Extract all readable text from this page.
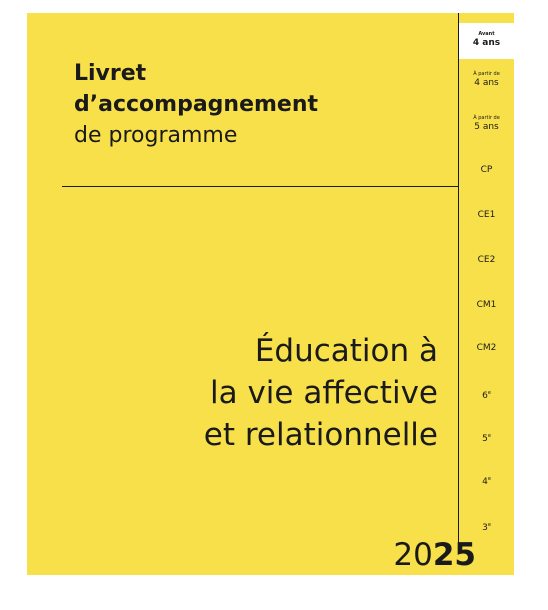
Livret
d’accompagnement
de programme
Éducation à
la vie affective
et relationnelle
Avant
4 ans
À partir de
4 ans
À partir de
5 ans
CP
CE1
CE2
CM1
CM2
6e
5e
4e
3e
2025
